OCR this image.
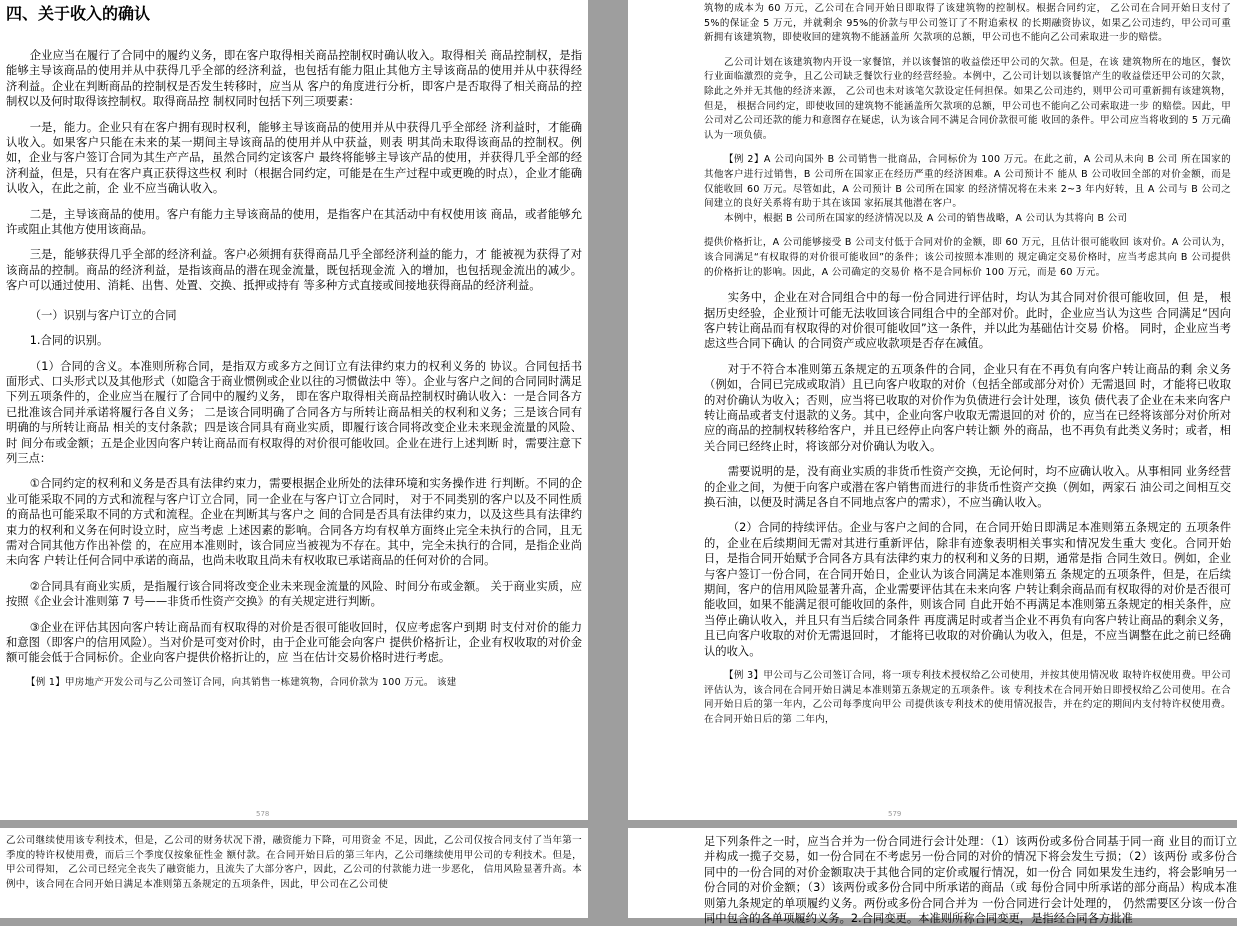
四、关于收入的确认

企业应当在履行了合同中的履约义务，即在客户取得相关商品控制权时确认收入。取得相关 商品控制权，是指能够主导该商品的使用并从中获得几乎全部的经济利益，也包括有能力阻止其他方主导该商品的使用并从中获得经济利益。企业在判断商品的控制权是否发生转移时，应当从 客户的角度进行分析，即客户是否取得了相关商品的控制权以及何时取得该控制权。取得商品控 制权同时包括下列三项要素：

一是，能力。企业只有在客户拥有现时权利，能够主导该商品的使用并从中获得几乎全部经 济利益时，才能确认收入。如果客户只能在未来的某一期间主导该商品的使用并从中获益，则表 明其尚未取得该商品的控制权。例如，企业与客户签订合同为其生产产品，虽然合同约定该客户 最终将能够主导该产品的使用，并获得几乎全部的经济利益，但是，只有在客户真正获得这些权 利时（根据合同约定，可能是在生产过程中或更晚的时点），企业才能确认收入，在此之前，企 业不应当确认收入。

二是，主导该商品的使用。客户有能力主导该商品的使用，是指客户在其活动中有权使用该 商品，或者能够允许或阻止其他方使用该商品。

三是，能够获得几乎全部的经济利益。客户必须拥有获得商品几乎全部经济利益的能力，才 能被视为获得了对该商品的控制。商品的经济利益，是指该商品的潜在现金流量，既包括现金流 入的增加，也包括现金流出的减少。客户可以通过使用、消耗、出售、处置、交换、抵押或持有 等多种方式直接或间接地获得商品的经济利益。

（一）识别与客户订立的合同

1.合同的识别。

（1）合同的含义。本准则所称合同，是指双方或多方之间订立有法律约束力的权利义务的 协议。合同包括书面形式、口头形式以及其他形式（如隐含于商业惯例或企业以往的习惯做法中 等）。企业与客户之间的合同同时满足下列五项条件的，企业应当在履行了合同中的履约义务， 即在客户取得相关商品控制权时确认收入：一是合同各方已批准该合同并承诺将履行各自义务； 二是该合同明确了合同各方与所转让商品相关的权利和义务；三是该合同有明确的与所转让商品 相关的支付条款；四是该合同具有商业实质，即履行该合同将改变企业未来现金流量的风险、时 间分布或金额；五是企业因向客户转让商品而有权取得的对价很可能收回。企业在进行上述判断 时，需要注意下列三点：

①合同约定的权利和义务是否具有法律约束力，需要根据企业所处的法律环境和实务操作进 行判断。不同的企业可能采取不同的方式和流程与客户订立合同，同一企业在与客户订立合同时， 对于不同类别的客户以及不同性质的商品也可能采取不同的方式和流程。企业在判断其与客户之 间的合同是否具有法律约束力，以及这些具有法律约束力的权利和义务在何时设立时，应当考虑 上述因素的影响。合同各方均有权单方面终止完全未执行的合同，且无需对合同其他方作出补偿 的，在应用本准则时，该合同应当被视为不存在。其中，完全未执行的合同，是指企业尚未向客 户转让任何合同中承诺的商品，也尚未收取且尚未有权收取已承诺商品的任何对价的合同。

②合同具有商业实质，是指履行该合同将改变企业未来现金流量的风险、时间分布或金额。 关于商业实质，应按照《企业会计准则第 7 号——非货币性资产交换》的有关规定进行判断。

③企业在评估其因向客户转让商品而有权取得的对价是否很可能收回时，仅应考虑客户到期 时支付对价的能力和意图（即客户的信用风险）。当对价是可变对价时，由于企业可能会向客户 提供价格折让，企业有权收取的对价金额可能会低于合同标价。企业向客户提供价格折让的，应 当在估计交易价格时进行考虑。

【例 1】甲房地产开发公司与乙公司签订合同，向其销售一栋建筑物，合同价款为 100 万元。 该建

578

筑物的成本为 60 万元，乙公司在合同开始日即取得了该建筑物的控制权。根据合同约定， 乙公司在合同开始日支付了 5%的保证金 5 万元，并就剩余 95%的价款与甲公司签订了不附追索权 的长期融资协议，如果乙公司违约，甲公司可重新拥有该建筑物，即使收回的建筑物不能涵盖所 欠款项的总额，甲公司也不能向乙公司索取进一步的赔偿。

乙公司计划在该建筑物内开设一家餐馆，并以该餐馆的收益偿还甲公司的欠款。但是，在该 建筑物所在的地区，餐饮行业面临激烈的竞争，且乙公司缺乏餐饮行业的经营经验。本例中，乙公司计划以该餐馆产生的收益偿还甲公司的欠款，除此之外并无其他的经济来源， 乙公司也未对该笔欠款设定任何担保。如果乙公司违约，则甲公司可重新拥有该建筑物，但是， 根据合同约定，即使收回的建筑物不能涵盖所欠款项的总额，甲公司也不能向乙公司索取进一步 的赔偿。因此，甲公司对乙公司还款的能力和意图存在疑虑，认为该合同不满足合同价款很可能 收回的条件。甲公司应当将收到的 5 万元确认为一项负债。

【例 2】A 公司向国外 B 公司销售一批商品，合同标价为 100 万元。在此之前，A 公司从未向 B 公司 所在国家的其他客户进行过销售，B 公司所在国家正在经历严重的经济困难。A 公司预计不 能从 B 公司收回全部的对价金额，而是仅能收回 60 万元。尽管如此，A 公司预计 B 公司所在国家 的经济情况将在未来 2~3 年内好转，且 A 公司与 B 公司之间建立的良好关系将有助于其在该国 家拓展其他潜在客户。

本例中，根据 B 公司所在国家的经济情况以及 A 公司的销售战略，A 公司认为其将向 B 公司

提供价格折让，A 公司能够接受 B 公司支付低于合同对价的金额，即 60 万元，且估计很可能收回 该对价。A 公司认为，该合同满足“有权取得的对价很可能收回”的条件；该公司按照本准则的 规定确定交易价格时，应当考虑其向 B 公司提供的价格折让的影响。因此，A 公司确定的交易价 格不是合同标价 100 万元，而是 60 万元。

实务中，企业在对合同组合中的每一份合同进行评估时，均认为其合同对价很可能收回，但 是， 根据历史经验，企业预计可能无法收回该合同组合中的全部对价。此时，企业应当认为这些 合同满足“因向客户转让商品而有权取得的对价很可能收回”这一条件，并以此为基础估计交易 价格。 同时，企业应当考虑这些合同下确认 的合同资产或应收款项是否存在减值。

对于不符合本准则第五条规定的五项条件的合同，企业只有在不再负有向客户转让商品的剩 余义务（例如，合同已完成或取消）且已向客户收取的对价（包括全部或部分对价）无需退回 时，才能将已收取的对价确认为收入；否则，应当将已收取的对价作为负债进行会计处理，该负 债代表了企业在未来向客户转让商品或者支付退款的义务。其中，企业向客户收取无需退回的对 价的，应当在已经将该部分对价所对应的商品的控制权转移给客户，并且已经停止向客户转让额 外的商品，也不再负有此类义务时；或者，相关合同已经终止时，将该部分对价确认为收入。

需要说明的是，没有商业实质的非货币性资产交换，无论何时，均不应确认收入。从事相同 业务经营的企业之间，为便于向客户或潜在客户销售而进行的非货币性资产交换（例如，两家石 油公司之间相互交换石油，以便及时满足各自不同地点客户的需求），不应当确认收入。

（2）合同的持续评估。企业与客户之间的合同，在合同开始日即满足本准则第五条规定的 五项条件的，企业在后续期间无需对其进行重新评估，除非有迹象表明相关事实和情况发生重大 变化。合同开始日，是指合同开始赋予合同各方具有法律约束力的权利和义务的日期，通常是指 合同生效日。例如，企业与客户签订一份合同，在合同开始日，企业认为该合同满足本准则第五 条规定的五项条件，但是，在后续期间，客户的信用风险显著升高，企业需要评估其在未来向客 户转让剩余商品而有权取得的对价是否很可能收回，如果不能满足很可能收回的条件，则该合同 自此开始不再满足本准则第五条规定的相关条件，应当停止确认收入，并且只有当后续合同条件 再度满足时或者当企业不再负有向客户转让商品的剩余义务，且已向客户收取的对价无需退回时， 才能将已收取的对价确认为收入，但是，不应当调整在此之前已经确认的收入。

【例 3】甲公司与乙公司签订合同，将一项专利技术授权给乙公司使用，并按其使用情况收 取特许权使用费。甲公司评估认为，该合同在合同开始日满足本准则第五条规定的五项条件。该 专利技术在合同开始日即授权给乙公司使用。在合同开始日后的第一年内，乙公司每季度向甲公 司提供该专利技术的使用情况报告，并在约定的期间内支付特许权使用费。在合同开始日后的第 二年内，

579

乙公司继续使用该专利技术，但是，乙公司的财务状况下滑，融资能力下降，可用资金 不足，因此，乙公司仅按合同支付了当年第一季度的特许权使用费，而后三个季度仅按象征性金 额付款。在合同开始日后的第三年内，乙公司继续使用甲公司的专利技术。但是，甲公司得知， 乙公司已经完全丧失了融资能力，且流失了大部分客户，因此，乙公司的付款能力进一步恶化， 信用风险显著升高。本例中，该合同在合同开始日满足本准则第五条规定的五项条件，因此，甲公司在乙公司使

足下列条件之一时，应当合并为一份合同进行会计处理：（1）该两份或多份合同基于同一商 业目的而订立并构成一揽子交易，如一份合同在不考虑另一份合同的对价的情况下将会发生亏损；（2）该两份 或多份合同中的一份合同的对价金额取决于其他合同的定价或履行情况，如一份合 同如果发生违约，将会影响另一份合同的对价金额；（3）该两份或多份合同中所承诺的商品（或 每份合同中所承诺的部分商品）构成本准则第九条规定的单项履约义务。两份或多份合同合并为 一份合同进行会计处理的， 仍然需要区分该一份合同中包含的各单项履约义务。2.合同变更。本准则所称合同变更，是指经合同各方批准
